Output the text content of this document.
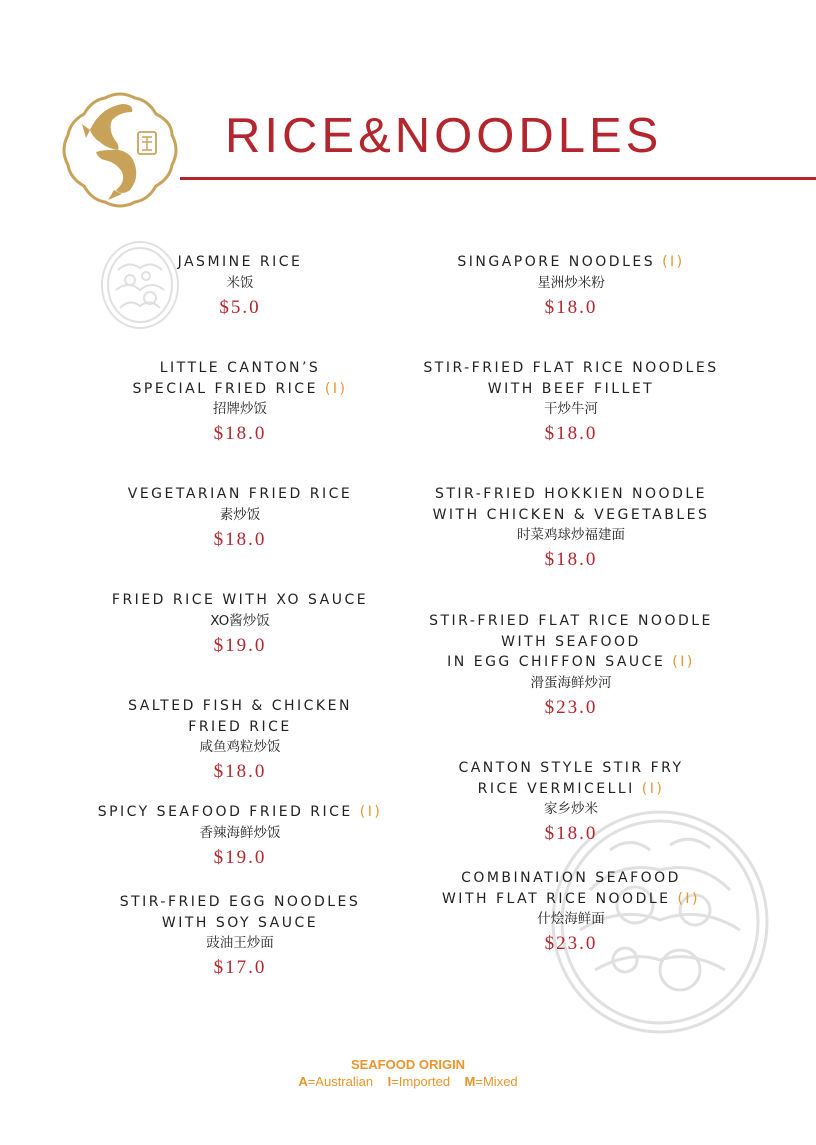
RICE&NOODLES
JASMINE RICE
米饭
$5.0
LITTLE CANTON’S
SPECIAL FRIED RICE (I)
招牌炒饭
$18.0
VEGETARIAN FRIED RICE
素炒饭
$18.0
FRIED RICE WITH XO SAUCE
XO酱炒饭
$19.0
SALTED FISH & CHICKEN
FRIED RICE
咸鱼鸡粒炒饭
$18.0
SPICY SEAFOOD FRIED RICE (I)
香辣海鲜炒饭
$19.0
STIR-FRIED EGG NOODLES
WITH SOY SAUCE
豉油王炒面
$17.0
SINGAPORE NOODLES (I)
星洲炒米粉
$18.0
STIR-FRIED FLAT RICE NOODLES
WITH BEEF FILLET
干炒牛河
$18.0
STIR-FRIED HOKKIEN NOODLE
WITH CHICKEN & VEGETABLES
时菜鸡球炒福建面
$18.0
STIR-FRIED FLAT RICE NOODLE
WITH SEAFOOD
IN EGG CHIFFON SAUCE (I)
滑蛋海鲜炒河
$23.0
CANTON STYLE STIR FRY
RICE VERMICELLI (I)
家乡炒米
$18.0
COMBINATION SEAFOOD
WITH FLAT RICE NOODLE (I)
什烩海鲜面
$23.0
SEAFOOD ORIGIN
A=Australian I=Imported M=Mixed
